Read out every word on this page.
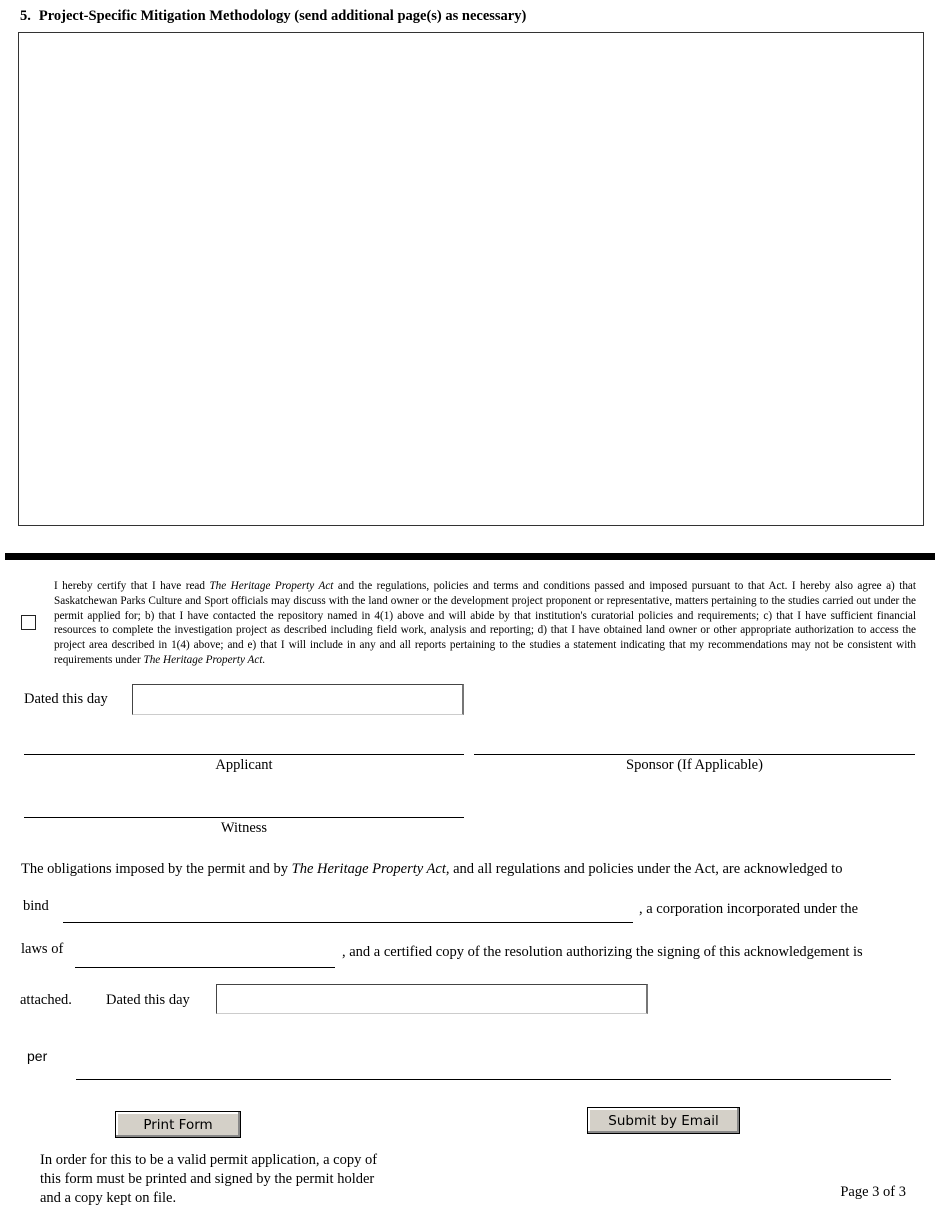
5. Project-Specific Mitigation Methodology (send additional page(s) as necessary)
I hereby certify that I have read The Heritage Property Act and the regulations, policies and terms and conditions passed and imposed pursuant to that Act. I hereby also agree a) that Saskatchewan Parks Culture and Sport officials may discuss with the land owner or the development project proponent or representative, matters pertaining to the studies carried out under the permit applied for; b) that I have contacted the repository named in 4(1) above and will abide by that institution's curatorial policies and requirements; c) that I have sufficient financial resources to complete the investigation project as described including field work, analysis and reporting; d) that I have obtained land owner or other appropriate authorization to access the project area described in 1(4) above; and e) that I will include in any and all reports pertaining to the studies a statement indicating that my recommendations may not be consistent with requirements under The Heritage Property Act.
Dated this day
Applicant	Sponsor (If Applicable)
Witness
The obligations imposed by the permit and by The Heritage Property Act, and all regulations and policies under the Act, are acknowledged to
bind	, a corporation incorporated under the
laws of	, and a certified copy of the resolution authorizing the signing of this acknowledgement is
attached. Dated this day
per
Print Form	Submit by Email
In order for this to be a valid permit application, a copy of this form must be printed and signed by the permit holder and a copy kept on file.	Page 3 of 3
